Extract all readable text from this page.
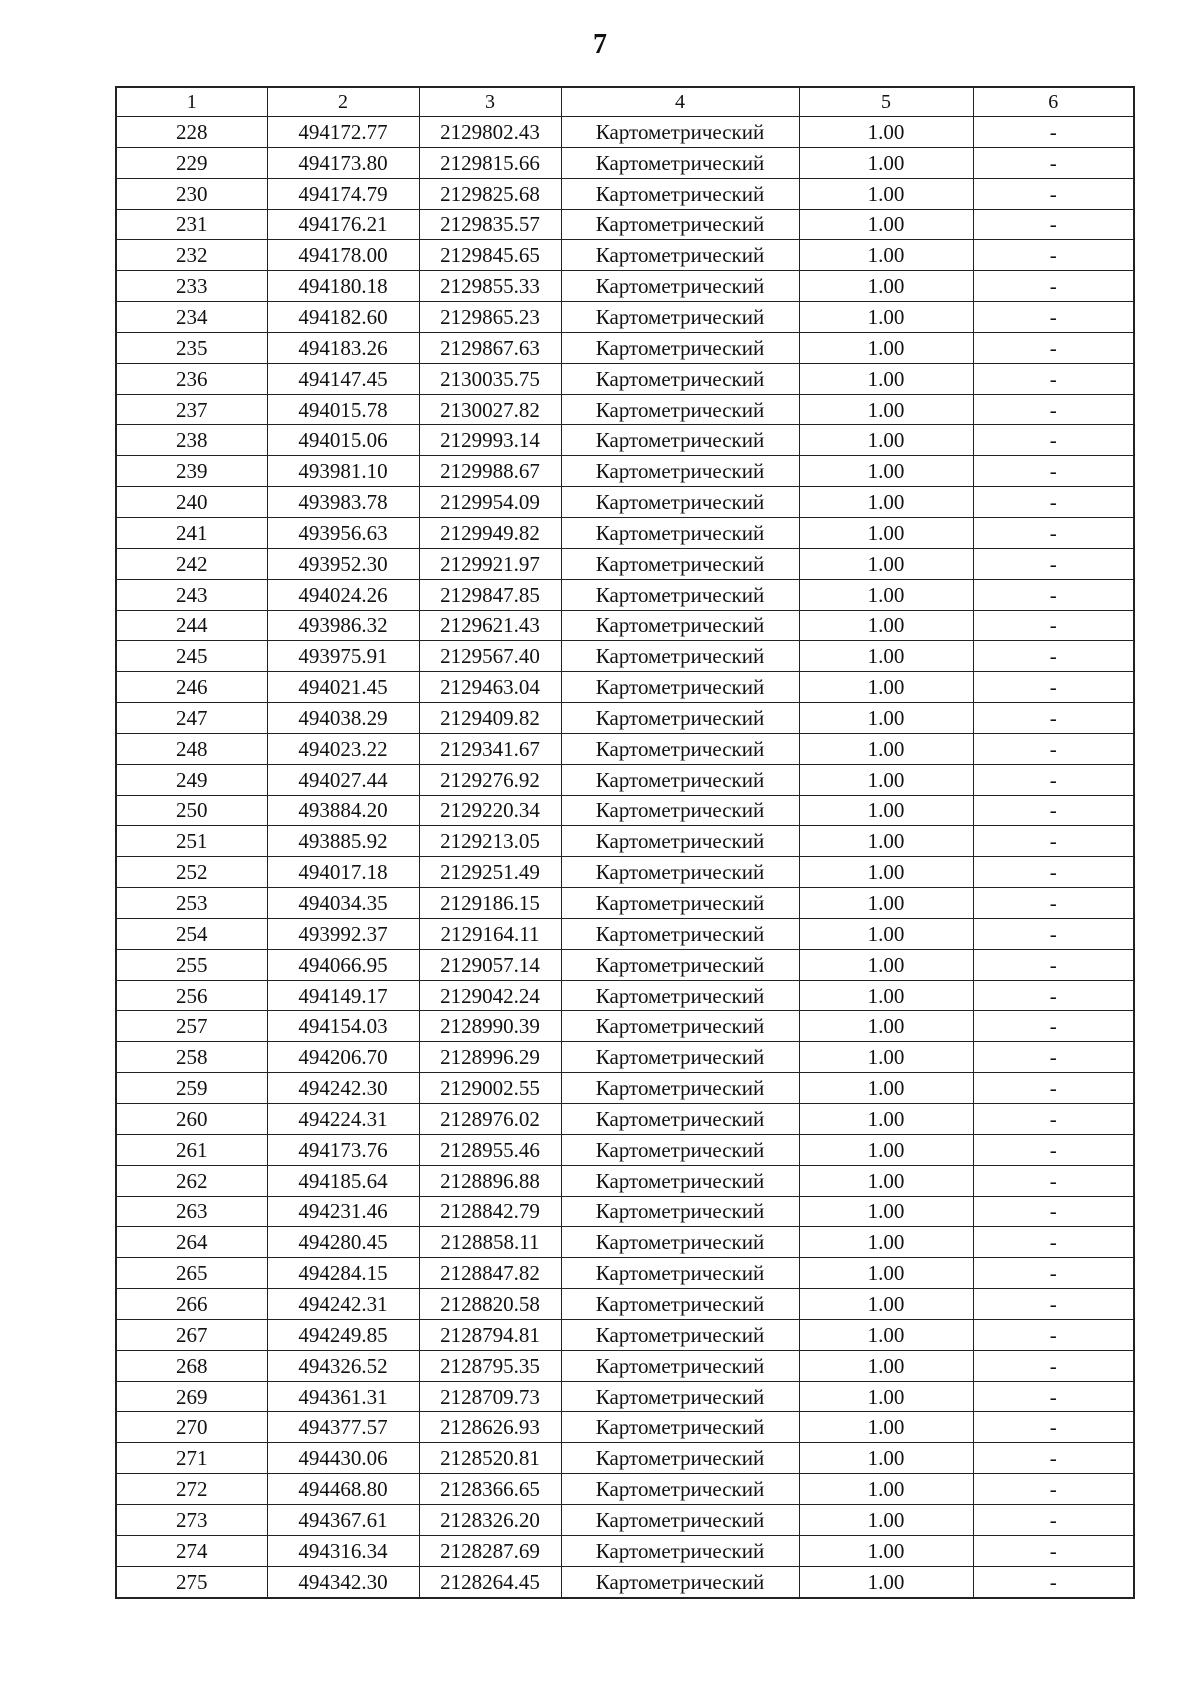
7
1	2	3	4	5	6
228	494172.77	2129802.43	Картометрический	1.00	-
229	494173.80	2129815.66	Картометрический	1.00	-
230	494174.79	2129825.68	Картометрический	1.00	-
231	494176.21	2129835.57	Картометрический	1.00	-
232	494178.00	2129845.65	Картометрический	1.00	-
233	494180.18	2129855.33	Картометрический	1.00	-
234	494182.60	2129865.23	Картометрический	1.00	-
235	494183.26	2129867.63	Картометрический	1.00	-
236	494147.45	2130035.75	Картометрический	1.00	-
237	494015.78	2130027.82	Картометрический	1.00	-
238	494015.06	2129993.14	Картометрический	1.00	-
239	493981.10	2129988.67	Картометрический	1.00	-
240	493983.78	2129954.09	Картометрический	1.00	-
241	493956.63	2129949.82	Картометрический	1.00	-
242	493952.30	2129921.97	Картометрический	1.00	-
243	494024.26	2129847.85	Картометрический	1.00	-
244	493986.32	2129621.43	Картометрический	1.00	-
245	493975.91	2129567.40	Картометрический	1.00	-
246	494021.45	2129463.04	Картометрический	1.00	-
247	494038.29	2129409.82	Картометрический	1.00	-
248	494023.22	2129341.67	Картометрический	1.00	-
249	494027.44	2129276.92	Картометрический	1.00	-
250	493884.20	2129220.34	Картометрический	1.00	-
251	493885.92	2129213.05	Картометрический	1.00	-
252	494017.18	2129251.49	Картометрический	1.00	-
253	494034.35	2129186.15	Картометрический	1.00	-
254	493992.37	2129164.11	Картометрический	1.00	-
255	494066.95	2129057.14	Картометрический	1.00	-
256	494149.17	2129042.24	Картометрический	1.00	-
257	494154.03	2128990.39	Картометрический	1.00	-
258	494206.70	2128996.29	Картометрический	1.00	-
259	494242.30	2129002.55	Картометрический	1.00	-
260	494224.31	2128976.02	Картометрический	1.00	-
261	494173.76	2128955.46	Картометрический	1.00	-
262	494185.64	2128896.88	Картометрический	1.00	-
263	494231.46	2128842.79	Картометрический	1.00	-
264	494280.45	2128858.11	Картометрический	1.00	-
265	494284.15	2128847.82	Картометрический	1.00	-
266	494242.31	2128820.58	Картометрический	1.00	-
267	494249.85	2128794.81	Картометрический	1.00	-
268	494326.52	2128795.35	Картометрический	1.00	-
269	494361.31	2128709.73	Картометрический	1.00	-
270	494377.57	2128626.93	Картометрический	1.00	-
271	494430.06	2128520.81	Картометрический	1.00	-
272	494468.80	2128366.65	Картометрический	1.00	-
273	494367.61	2128326.20	Картометрический	1.00	-
274	494316.34	2128287.69	Картометрический	1.00	-
275	494342.30	2128264.45	Картометрический	1.00	-
